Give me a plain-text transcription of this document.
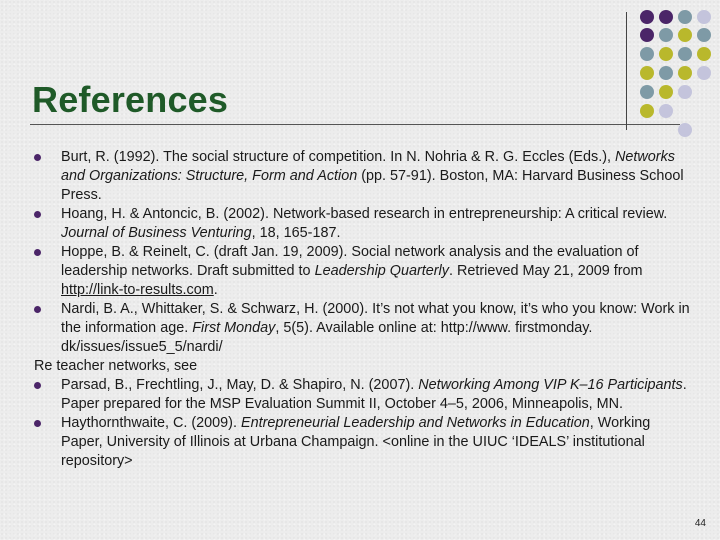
References
Burt, R. (1992). The social structure of competition. In N. Nohria & R. G. Eccles (Eds.), Networks and Organizations: Structure, Form and Action (pp. 57-91). Boston, MA: Harvard Business School Press.
Hoang, H. & Antoncic, B. (2002). Network-based research in entrepreneurship: A critical review. Journal of Business Venturing, 18, 165-187.
Hoppe, B. & Reinelt, C. (draft Jan. 19, 2009). Social network analysis and the evaluation of leadership networks. Draft submitted to Leadership Quarterly. Retrieved May 21, 2009 from http://link-to-results.com.
Nardi, B. A., Whittaker, S. & Schwarz, H. (2000). It’s not what you know, it’s who you know: Work in the information age. First Monday, 5(5). Available online at: http://www. firstmonday. dk/issues/issue5_5/nardi/
Re teacher networks, see
Parsad, B., Frechtling, J., May, D. & Shapiro, N. (2007). Networking Among VIP K–16 Participants. Paper prepared for the MSP Evaluation Summit II, October 4–5, 2006, Minneapolis, MN.
Haythornthwaite, C. (2009). Entrepreneurial Leadership and Networks in Education, Working Paper, University of Illinois at Urbana Champaign. <online in the UIUC ‘IDEALS’ institutional repository>
44
